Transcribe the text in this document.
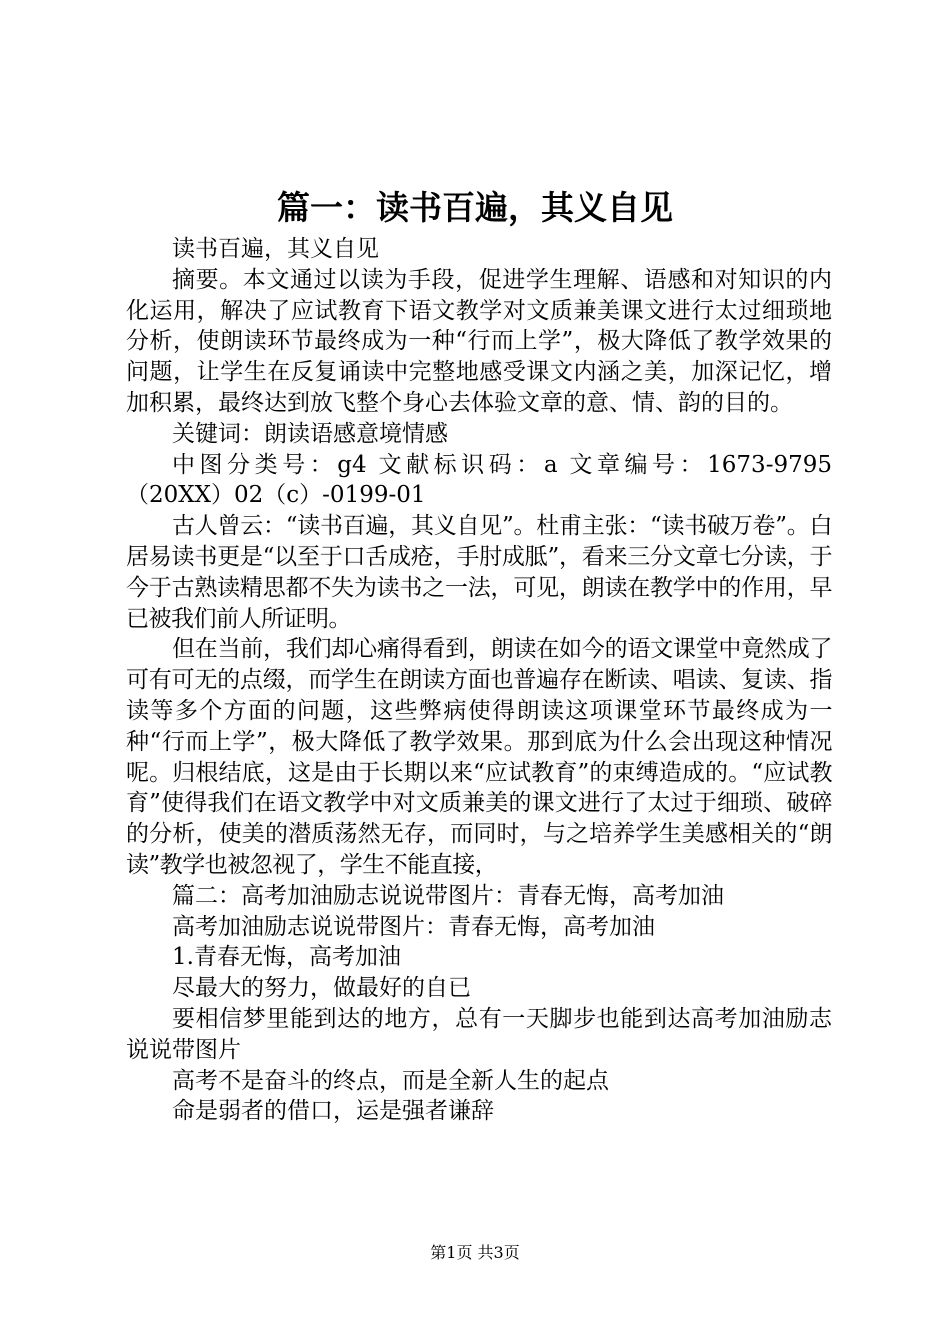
篇一：读书百遍，其义自见

读书百遍，其义自见

摘要。本文通过以读为手段，促进学生理解、语感和对知识的内化运用，解决了应试教育下语文教学对文质兼美课文进行太过细琐地分析，使朗读环节最终成为一种“行而上学”，极大降低了教学效果的问题，让学生在反复诵读中完整地感受课文内涵之美，加深记忆，增加积累，最终达到放飞整个身心去体验文章的意、情、韵的目的。

关键词：朗读语感意境情感

中图分类号：g4 文献标识码：a 文章编号：1673-9795（20XX）02（c）-0199-01

古人曾云：“读书百遍，其义自见”。杜甫主张：“读书破万卷”。白居易读书更是“以至于口舌成疮，手肘成胝”，看来三分文章七分读，于今于古熟读精思都不失为读书之一法，可见，朗读在教学中的作用，早已被我们前人所证明。

但在当前，我们却心痛得看到，朗读在如今的语文课堂中竟然成了可有可无的点缀，而学生在朗读方面也普遍存在断读、唱读、复读、指读等多个方面的问题，这些弊病使得朗读这项课堂环节最终成为一种“行而上学”，极大降低了教学效果。那到底为什么会出现这种情况呢。归根结底，这是由于长期以来“应试教育”的束缚造成的。“应试教育”使得我们在语文教学中对文质兼美的课文进行了太过于细琐、破碎的分析，使美的潜质荡然无存，而同时，与之培养学生美感相关的“朗读”教学也被忽视了，学生不能直接，

篇二：高考加油励志说说带图片：青春无悔，高考加油

高考加油励志说说带图片：青春无悔，高考加油

1.青春无悔，高考加油

尽最大的努力，做最好的自已

要相信梦里能到达的地方，总有一天脚步也能到达高考加油励志说说带图片

高考不是奋斗的终点，而是全新人生的起点

命是弱者的借口，运是强者谦辞

第1页 共3页
